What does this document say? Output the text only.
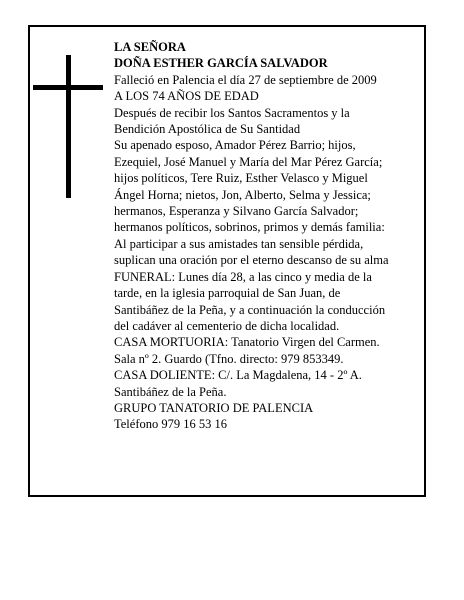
LA SEÑORA
DOÑA ESTHER GARCÍA SALVADOR
Falleció en Palencia el día 27 de septiembre de 2009
A LOS 74 AÑOS DE EDAD
Después de recibir los Santos Sacramentos y la
Bendición Apostólica de Su Santidad
Su apenado esposo, Amador Pérez Barrio; hijos,
Ezequiel, José Manuel y María del Mar Pérez García;
hijos políticos, Tere Ruiz, Esther Velasco y Miguel
Ángel Horna; nietos, Jon, Alberto, Selma y Jessica;
hermanos, Esperanza y Silvano García Salvador;
hermanos políticos, sobrinos, primos y demás familia:
Al participar a sus amistades tan sensible pérdida,
suplican una oración por el eterno descanso de su alma
FUNERAL: Lunes día 28, a las cinco y media de la
tarde, en la iglesia parroquial de San Juan, de
Santibáñez de la Peña, y a continuación la conducción
del cadáver al cementerio de dicha localidad.
CASA MORTUORIA: Tanatorio Virgen del Carmen.
Sala nº 2. Guardo (Tfno. directo: 979 853349.
CASA DOLIENTE: C/. La Magdalena, 14 - 2º A.
Santibáñez de la Peña.
GRUPO TANATORIO DE PALENCIA
Teléfono 979 16 53 16
